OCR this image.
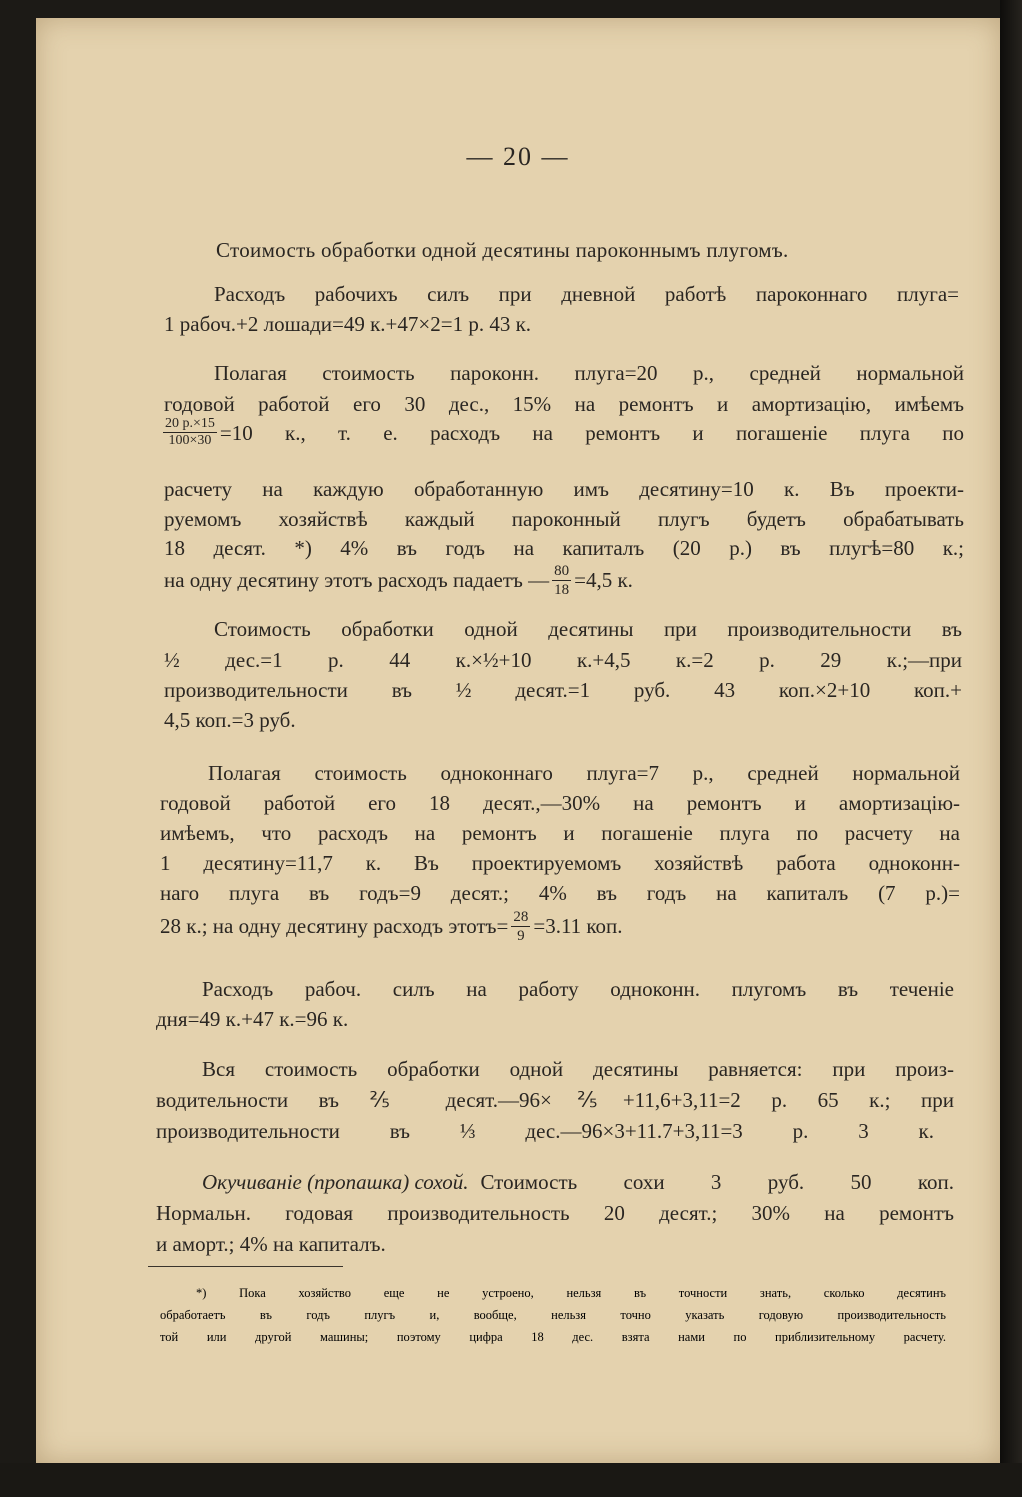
— 20 —
Стоимость обработки одной десятины пароконнымъ плугомъ.
Расходъ рабочихъ силъ при дневной работѣ пароконнаго плуга=
1 рабоч.+2 лошади=49 к.+47×2=1 р. 43 к.
Полагая стоимость пароконн. плуга=20 р., средней нормальной
годовой работой его 30 дес., 15% на ремонтъ и амортизацію, имѣемъ
$\frac{20 р.\times 15}{100\times 30} =10$ к., т. е. расходъ на ремонтъ и погашеніе плуга по
расчету на каждую обработанную имъ десятину=10 к. Въ проекти-
руемомъ хозяйствѣ каждый пароконный плугъ будетъ обрабатывать
18 десят. *) 4% въ годъ на капиталъ (20 р.) въ плугѣ=80 к.;
на одну десятину этотъ расходъ падаетъ — $\frac{80}{18} =4,5$ к.
Стоимость обработки одной десятины при производительности въ
½ дес.=1 р. 44 к.×½+10 к.+4,5 к.=2 р. 29 к.;—при
производительности въ ½ десят.=1 руб. 43 коп.×2+10 коп.+
4,5 коп.=3 руб.
Полагая стоимость одноконнаго плуга=7 р., средней нормальной
годовой работой его 18 десят.,—30% на ремонтъ и амортизацію-
имѣемъ, что расходъ на ремонтъ и погашеніе плуга по расчету на
1 десятину=11,7 к. Въ проектируемомъ хозяйствѣ работа одноконн-
наго плуга въ годъ=9 десят.; 4% въ годъ на капиталъ (7 р.)=
28 к.; на одну десятину расходъ этотъ= $\frac{28}{9} =3.11$ коп.
Расходъ рабоч. силъ на работу одноконн. плугомъ въ теченіе
дня=49 к.+47 к.=96 к.
Вся стоимость обработки одной десятины равняется: при произ-
водительности въ ⅖ десят.—96×⅖+11,6+3,11=2 р. 65 к.; при
производительности въ ⅓ дес.—96×3+11.7+3,11=3 р. 3 к.
Окучиваніе (пропашка) сохой. Стоимость сохи 3 руб. 50 коп.
Нормальн. годовая производительность 20 десят.; 30% на ремонтъ
и аморт.; 4% на капиталъ.
*) Пока хозяйство еще не устроено, нельзя въ точности знать, сколько десятинъ
обработаетъ въ годъ плугъ и, вообще, нельзя точно указать годовую производительность
той или другой машины; поэтому цифра 18 дес. взята нами по приблизительному расчету.
